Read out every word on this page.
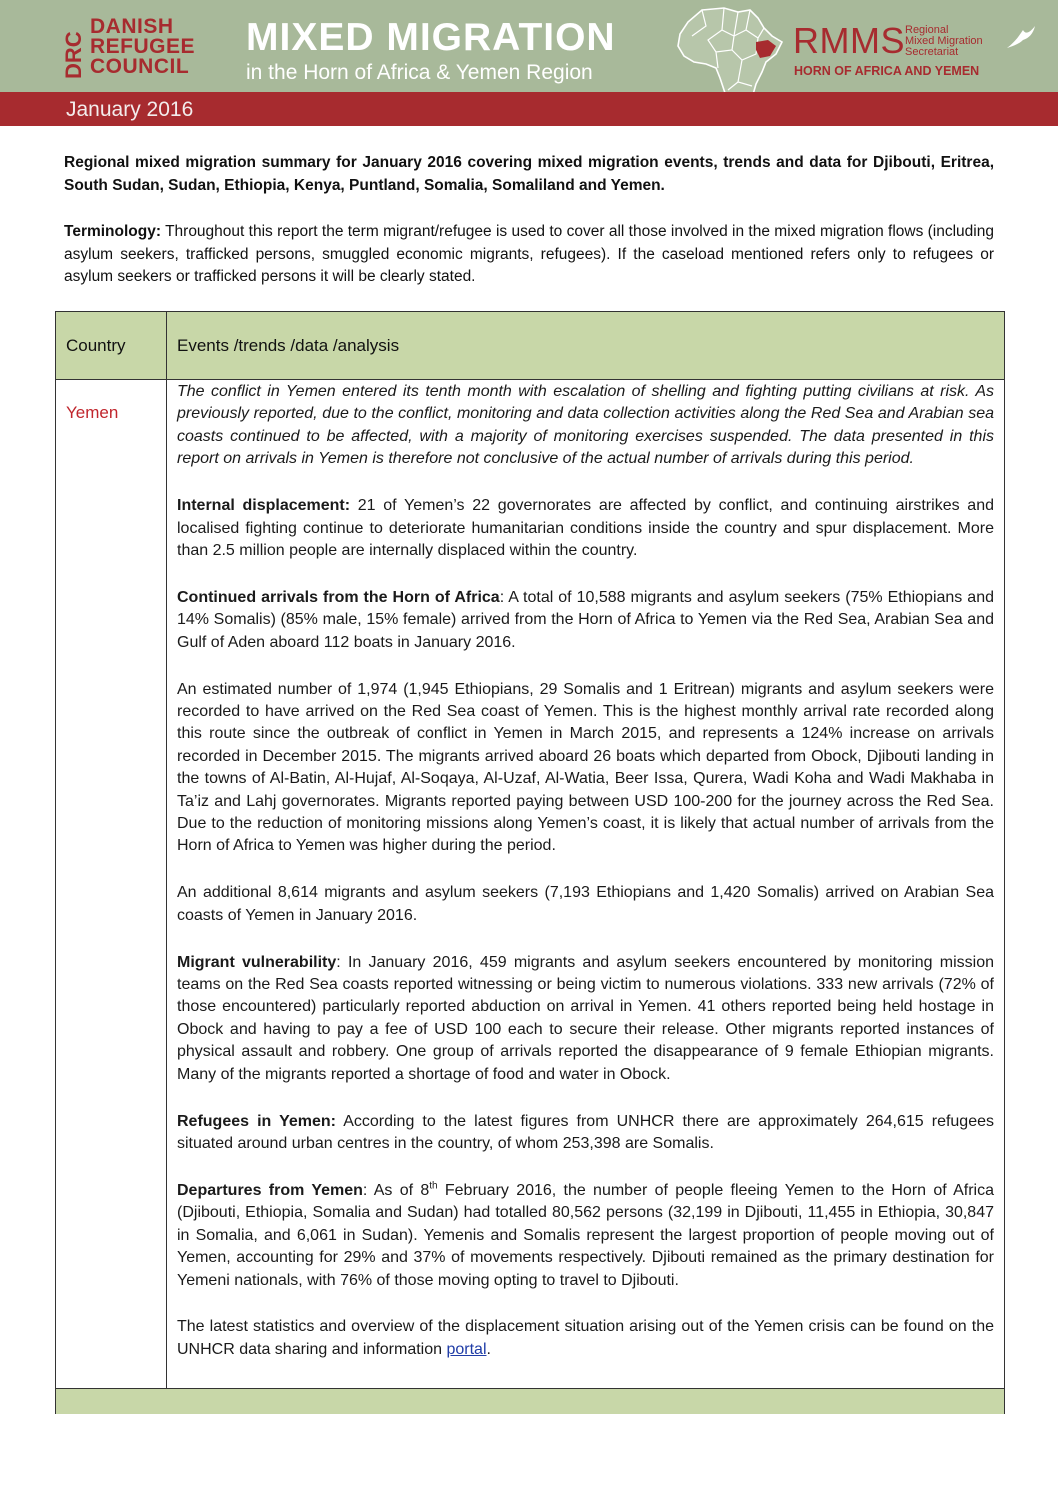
DRC
DANISH
REFUGEE
COUNCIL
MIXED MIGRATION
in the Horn of Africa & Yemen Region
RMMS Regional
Mixed Migration
Secretariat
HORN OF AFRICA AND YEMEN
January 2016
Regional mixed migration summary for January 2016 covering mixed migration events, trends and data for Djibouti, Eritrea, South Sudan, Sudan, Ethiopia, Kenya, Puntland, Somalia, Somaliland and Yemen.
Terminology: Throughout this report the term migrant/refugee is used to cover all those involved in the mixed migration flows (including asylum seekers, trafficked persons, smuggled economic migrants, refugees). If the caseload mentioned refers only to refugees or asylum seekers or trafficked persons it will be clearly stated.
Country	Events /trends /data /analysis
Yemen

The conflict in Yemen entered its tenth month with escalation of shelling and fighting putting civilians at risk. As previously reported, due to the conflict, monitoring and data collection activities along the Red Sea and Arabian sea coasts continued to be affected, with a majority of monitoring exercises suspended. The data presented in this report on arrivals in Yemen is therefore not conclusive of the actual number of arrivals during this period.

Internal displacement: 21 of Yemen’s 22 governorates are affected by conflict, and continuing airstrikes and localised fighting continue to deteriorate humanitarian conditions inside the country and spur displacement. More than 2.5 million people are internally displaced within the country.

Continued arrivals from the Horn of Africa: A total of 10,588 migrants and asylum seekers (75% Ethiopians and 14% Somalis) (85% male, 15% female) arrived from the Horn of Africa to Yemen via the Red Sea, Arabian Sea and Gulf of Aden aboard 112 boats in January 2016.

An estimated number of 1,974 (1,945 Ethiopians, 29 Somalis and 1 Eritrean) migrants and asylum seekers were recorded to have arrived on the Red Sea coast of Yemen. This is the highest monthly arrival rate recorded along this route since the outbreak of conflict in Yemen in March 2015, and represents a 124% increase on arrivals recorded in December 2015. The migrants arrived aboard 26 boats which departed from Obock, Djibouti landing in the towns of Al-Batin, Al-Hujaf, Al-Soqaya, Al-Uzaf, Al-Watia, Beer Issa, Qurera, Wadi Koha and Wadi Makhaba in Ta’iz and Lahj governorates. Migrants reported paying between USD 100-200 for the journey across the Red Sea. Due to the reduction of monitoring missions along Yemen’s coast, it is likely that actual number of arrivals from the Horn of Africa to Yemen was higher during the period.

An additional 8,614 migrants and asylum seekers (7,193 Ethiopians and 1,420 Somalis) arrived on Arabian Sea coasts of Yemen in January 2016.

Migrant vulnerability: In January 2016, 459 migrants and asylum seekers encountered by monitoring mission teams on the Red Sea coasts reported witnessing or being victim to numerous violations. 333 new arrivals (72% of those encountered) particularly reported abduction on arrival in Yemen. 41 others reported being held hostage in Obock and having to pay a fee of USD 100 each to secure their release. Other migrants reported instances of physical assault and robbery. One group of arrivals reported the disappearance of 9 female Ethiopian migrants. Many of the migrants reported a shortage of food and water in Obock.

Refugees in Yemen: According to the latest figures from UNHCR there are approximately 264,615 refugees situated around urban centres in the country, of whom 253,398 are Somalis.

Departures from Yemen: As of 8th February 2016, the number of people fleeing Yemen to the Horn of Africa (Djibouti, Ethiopia, Somalia and Sudan) had totalled 80,562 persons (32,199 in Djibouti, 11,455 in Ethiopia, 30,847 in Somalia, and 6,061 in Sudan). Yemenis and Somalis represent the largest proportion of people moving out of Yemen, accounting for 29% and 37% of movements respectively. Djibouti remained as the primary destination for Yemeni nationals, with 76% of those moving opting to travel to Djibouti.

The latest statistics and overview of the displacement situation arising out of the Yemen crisis can be found on the UNHCR data sharing and information portal.
